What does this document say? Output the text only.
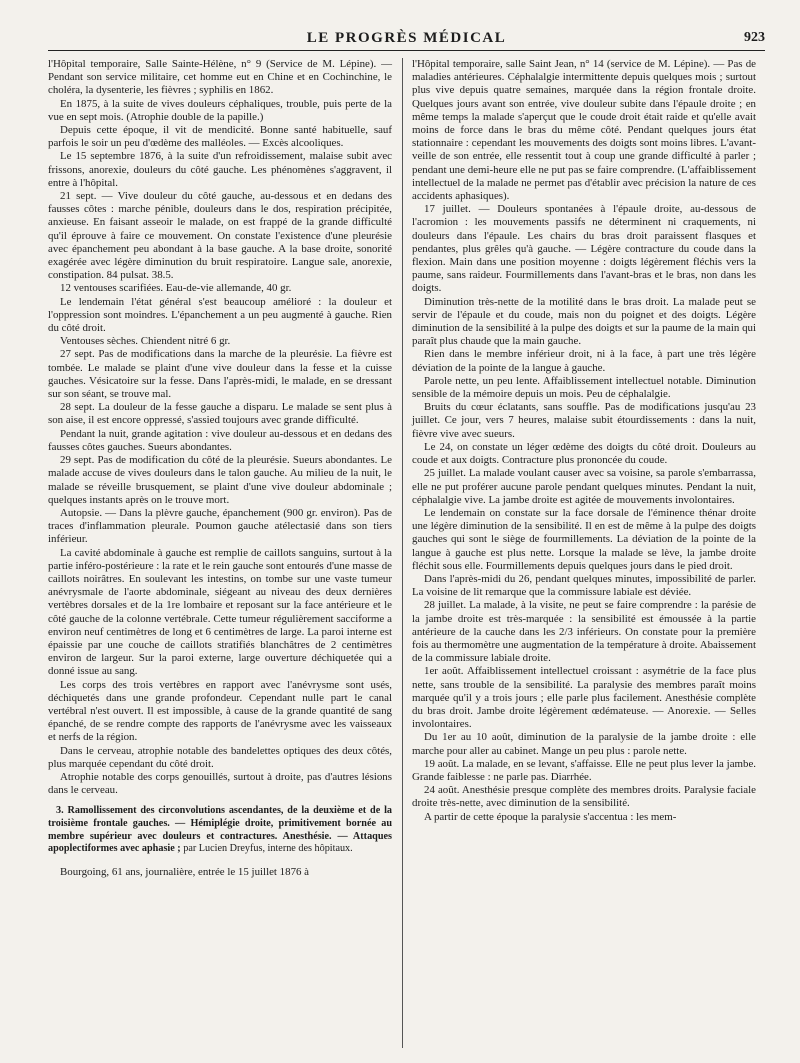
LE PROGRÈS MÉDICAL	923

l'Hôpital temporaire, Salle Sainte-Hélène, n° 9 (Service de M. Lépine). — Pendant son service militaire, cet homme eut en Chine et en Cochinchine, le choléra, la dysenterie, les fièvres ; syphilis en 1862.

En 1875, à la suite de vives douleurs céphaliques, trouble, puis perte de la vue en sept mois. (Atrophie double de la papille.)

Depuis cette époque, il vit de mendicité. Bonne santé habituelle, sauf parfois le soir un peu d'œdème des malléoles. — Excès alcooliques.

Le 15 septembre 1876, à la suite d'un refroidissement, malaise subit avec frissons, anorexie, douleurs du côté gauche. Les phénomènes s'aggravent, il entre à l'hôpital.

21 sept. — Vive douleur du côté gauche, au-dessous et en dedans des fausses côtes : marche pénible, douleurs dans le dos, respiration précipitée, anxieuse. En faisant asseoir le malade, on est frappé de la grande difficulté qu'il éprouve à faire ce mouvement. On constate l'existence d'une pleurésie avec épanchement peu abondant à la base gauche. A la base droite, sonorité exagérée avec légère diminution du bruit respiratoire. Langue sale, anorexie, constipation. 84 pulsat. 38.5.

12 ventouses scarifiées. Eau-de-vie allemande, 40 gr.

Le lendemain l'état général s'est beaucoup amélioré : la douleur et l'oppression sont moindres. L'épanchement a un peu augmenté à gauche. Rien du côté droit.

Ventouses sèches. Chiendent nitré 6 gr.

27 sept. Pas de modifications dans la marche de la pleurésie. La fièvre est tombée. Le malade se plaint d'une vive douleur dans la fesse et la cuisse gauches. Vésicatoire sur la fesse. Dans l'après-midi, le malade, en se dressant sur son séant, se trouve mal.

28 sept. La douleur de la fesse gauche a disparu. Le malade se sent plus à son aise, il est encore oppressé, s'assied toujours avec grande difficulté.

Pendant la nuit, grande agitation : vive douleur au-dessous et en dedans des fausses côtes gauches. Sueurs abondantes.

29 sept. Pas de modification du côté de la pleurésie. Sueurs abondantes. Le malade accuse de vives douleurs dans le talon gauche. Au milieu de la nuit, le malade se réveille brusquement, se plaint d'une vive douleur abdominale ; quelques instants après on le trouve mort.

Autopsie. — Dans la plèvre gauche, épanchement (900 gr. environ). Pas de traces d'inflammation pleurale. Poumon gauche atélectasié dans son tiers inférieur.

La cavité abdominale à gauche est remplie de caillots sanguins, surtout à la partie inféro-postérieure : la rate et le rein gauche sont entourés d'une masse de caillots noirâtres. En soulevant les intestins, on tombe sur une vaste tumeur anévrysmale de l'aorte abdominale, siégeant au niveau des deux dernières vertèbres dorsales et de la 1re lombaire et reposant sur la face antérieure et le côté gauche de la colonne vertébrale. Cette tumeur régulièrement sacciforme a environ neuf centimètres de long et 6 centimètres de large. La paroi interne est épaissie par une couche de caillots stratifiés blanchâtres de 2 centimètres environ de largeur. Sur la paroi externe, large ouverture déchiquetée qui a donné issue au sang.

Les corps des trois vertèbres en rapport avec l'anévrysme sont usés, déchiquetés dans une grande profondeur. Cependant nulle part le canal vertébral n'est ouvert. Il est impossible, à cause de la grande quantité de sang épanché, de se rendre compte des rapports de l'anévrysme avec les vaisseaux et nerfs de la région.

Dans le cerveau, atrophie notable des bandelettes optiques des deux côtés, plus marquée cependant du côté droit.

Atrophie notable des corps genouillés, surtout à droite, pas d'autres lésions dans le cerveau.

3. Ramollissement des circonvolutions ascendantes, de la deuxième et de la troisième frontale gauches. — Hémiplégie droite, primitivement bornée au membre supérieur avec douleurs et contractures. Anesthésie. — Attaques apoplectiformes avec aphasie ; par Lucien Dreyfus, interne des hôpitaux.

Bourgoing, 61 ans, journalière, entrée le 15 juillet 1876 à

l'Hôpital temporaire, salle Saint Jean, n° 14 (service de M. Lépine). — Pas de maladies antérieures. Céphalalgie intermittente depuis quelques mois ; surtout plus vive depuis quatre semaines, marquée dans la région frontale droite. Quelques jours avant son entrée, vive douleur subite dans l'épaule droite ; en même temps la malade s'aperçut que le coude droit était raide et qu'elle avait moins de force dans le bras du même côté. Pendant quelques jours état stationnaire : cependant les mouvements des doigts sont moins libres. L'avant-veille de son entrée, elle ressentit tout à coup une grande difficulté à parler ; pendant une demi-heure elle ne put pas se faire comprendre. (L'affaiblissement intellectuel de la malade ne permet pas d'établir avec précision la nature de ces accidents aphasiques).

17 juillet. — Douleurs spontanées à l'épaule droite, au-dessous de l'acromion : les mouvements passifs ne déterminent ni craquements, ni douleurs dans l'épaule. Les chairs du bras droit paraissent flasques et pendantes, plus grêles qu'à gauche. — Légère contracture du coude dans la flexion. Main dans une position moyenne : doigts légèrement fléchis vers la paume, sans raideur. Fourmillements dans l'avant-bras et le bras, non dans les doigts.

Diminution très-nette de la motilité dans le bras droit. La malade peut se servir de l'épaule et du coude, mais non du poignet et des doigts. Légère diminution de la sensibilité à la pulpe des doigts et sur la paume de la main qui paraît plus chaude que la main gauche.

Rien dans le membre inférieur droit, ni à la face, à part une très légère déviation de la pointe de la langue à gauche.

Parole nette, un peu lente. Affaiblissement intellectuel notable. Diminution sensible de la mémoire depuis un mois. Peu de céphalalgie.

Bruits du cœur éclatants, sans souffle. Pas de modifications jusqu'au 23 juillet. Ce jour, vers 7 heures, malaise subit étourdissements : dans la nuit, fièvre vive avec sueurs.

Le 24, on constate un léger œdème des doigts du côté droit. Douleurs au coude et aux doigts. Contracture plus prononcée du coude.

25 juillet. La malade voulant causer avec sa voisine, sa parole s'embarrassa, elle ne put proférer aucune parole pendant quelques minutes. Pendant la nuit, céphalalgie vive. La jambe droite est agitée de mouvements involontaires.

Le lendemain on constate sur la face dorsale de l'éminence thénar droite une légère diminution de la sensibilité. Il en est de même à la pulpe des doigts gauches qui sont le siège de fourmillements. La déviation de la pointe de la langue à gauche est plus nette. Lorsque la malade se lève, la jambe droite fléchit sous elle. Fourmillements depuis quelques jours dans le pied droit.

Dans l'après-midi du 26, pendant quelques minutes, impossibilité de parler. La voisine de lit remarque que la commissure labiale est déviée.

28 juillet. La malade, à la visite, ne peut se faire comprendre : la parésie de la jambe droite est très-marquée : la sensibilité est émoussée à la partie antérieure de la cauche dans les 2/3 inférieurs. On constate pour la première fois au thermomètre une augmentation de la température à droite. Abaissement de la commissure labiale droite.

1er août. Affaiblissement intellectuel croissant : asymétrie de la face plus nette, sans trouble de la sensibilité. La paralysie des membres paraît moins marquée qu'il y a trois jours ; elle parle plus facilement. Anesthésie complète du bras droit. Jambe droite légèrement œdémateuse. — Anorexie. — Selles involontaires.

Du 1er au 10 août, diminution de la paralysie de la jambe droite : elle marche pour aller au cabinet. Mange un peu plus : parole nette.

19 août. La malade, en se levant, s'affaisse. Elle ne peut plus lever la jambe. Grande faiblesse : ne parle pas. Diarrhée.

24 août. Anesthésie presque complète des membres droits. Paralysie faciale droite très-nette, avec diminution de la sensibilité.

A partir de cette époque la paralysie s'accentua : les mem-
